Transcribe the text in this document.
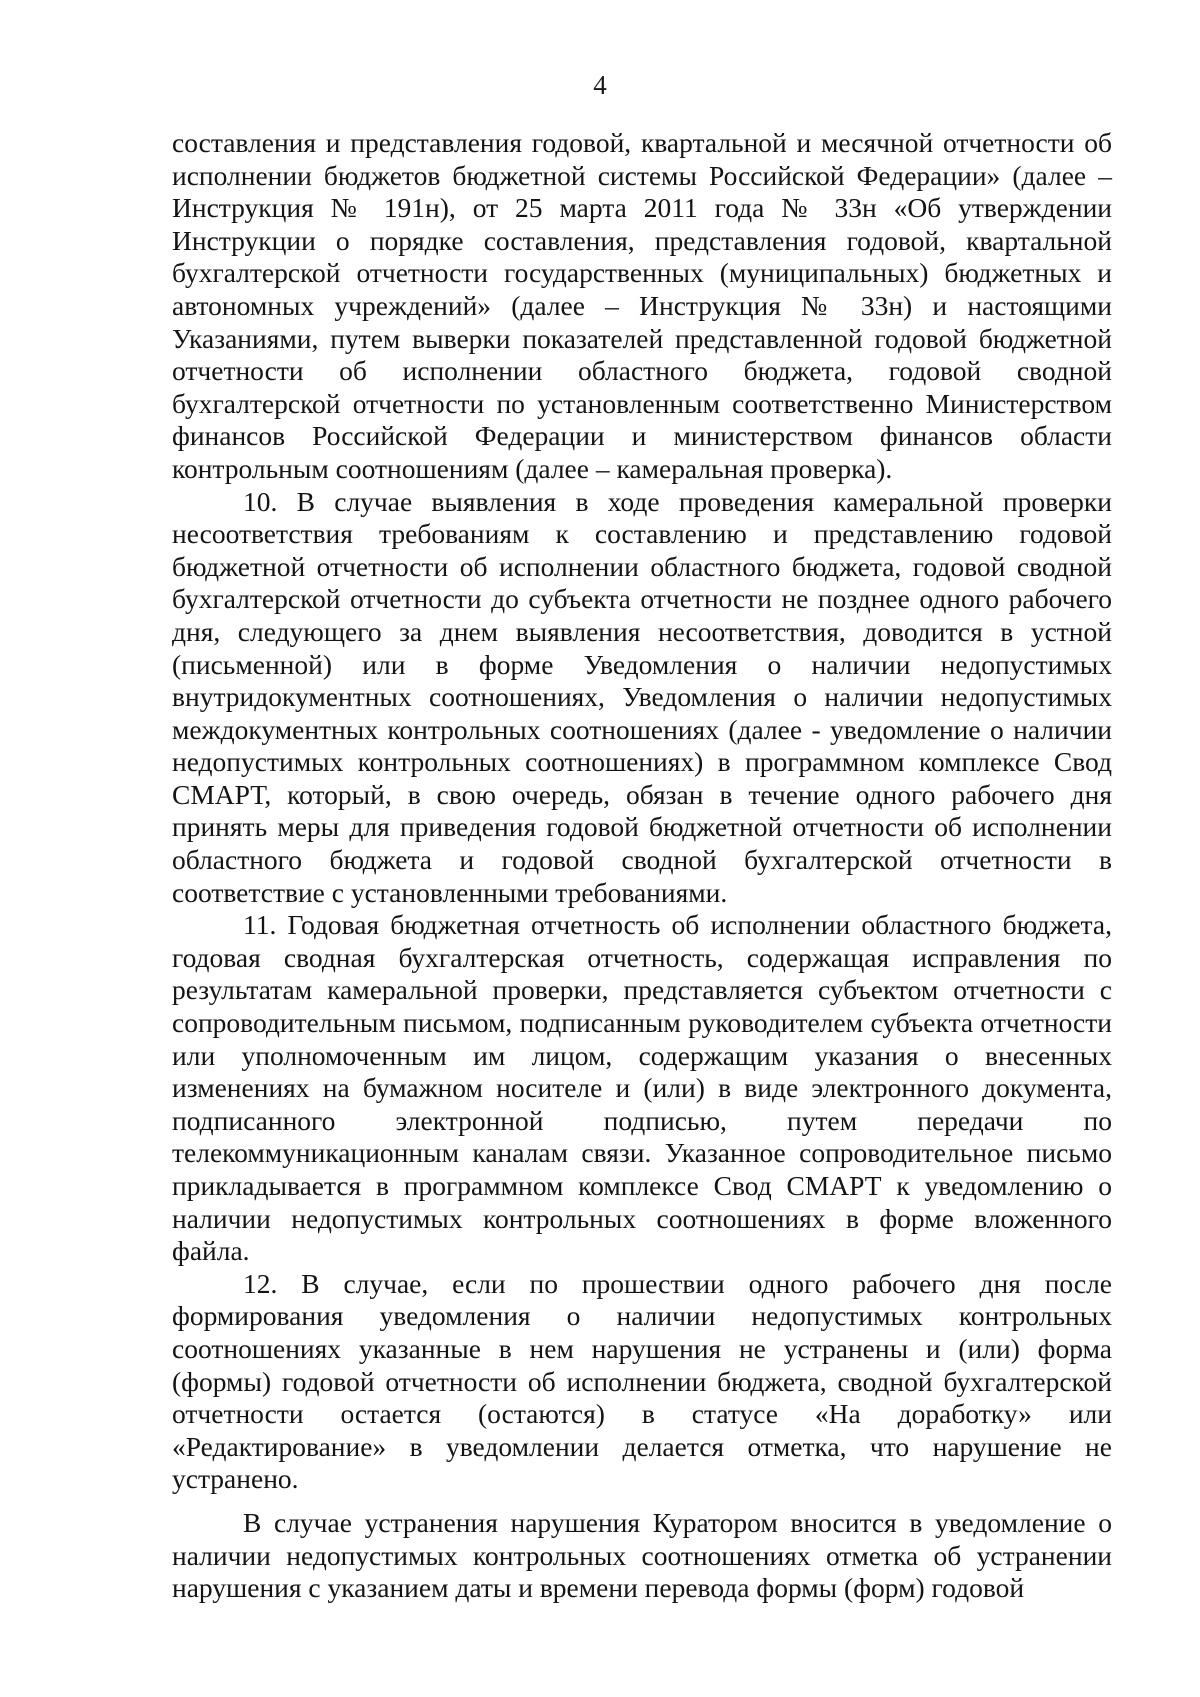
4

составления и представления годовой, квартальной и месячной отчетности об исполнении бюджетов бюджетной системы Российской Федерации» (далее – Инструкция № 191н), от 25 марта 2011 года № 33н «Об утверждении Инструкции о порядке составления, представления годовой, квартальной бухгалтерской отчетности государственных (муниципальных) бюджетных и автономных учреждений» (далее – Инструкция № 33н) и настоящими Указаниями, путем выверки показателей представленной годовой бюджетной отчетности об исполнении областного бюджета, годовой сводной бухгалтерской отчетности по установленным соответственно Министерством финансов Российской Федерации и министерством финансов области контрольным соотношениям (далее – камеральная проверка).

10. В случае выявления в ходе проведения камеральной проверки несоответствия требованиям к составлению и представлению годовой бюджетной отчетности об исполнении областного бюджета, годовой сводной бухгалтерской отчетности до субъекта отчетности не позднее одного рабочего дня, следующего за днем выявления несоответствия, доводится в устной (письменной) или в форме Уведомления о наличии недопустимых внутридокументных соотношениях, Уведомления о наличии недопустимых междокументных контрольных соотношениях (далее - уведомление о наличии недопустимых контрольных соотношениях) в программном комплексе Свод СМАРТ, который, в свою очередь, обязан в течение одного рабочего дня принять меры для приведения годовой бюджетной отчетности об исполнении областного бюджета и годовой сводной бухгалтерской отчетности в соответствие с установленными требованиями.

11. Годовая бюджетная отчетность об исполнении областного бюджета, годовая сводная бухгалтерская отчетность, содержащая исправления по результатам камеральной проверки, представляется субъектом отчетности с сопроводительным письмом, подписанным руководителем субъекта отчетности или уполномоченным им лицом, содержащим указания о внесенных изменениях на бумажном носителе и (или) в виде электронного документа, подписанного электронной подписью, путем передачи по телекоммуникационным каналам связи. Указанное сопроводительное письмо прикладывается в программном комплексе Свод СМАРТ к уведомлению о наличии недопустимых контрольных соотношениях в форме вложенного файла.

12. В случае, если по прошествии одного рабочего дня после формирования уведомления о наличии недопустимых контрольных соотношениях указанные в нем нарушения не устранены и (или) форма (формы) годовой отчетности об исполнении бюджета, сводной бухгалтерской отчетности остается (остаются) в статусе «На доработку» или «Редактирование» в уведомлении делается отметка, что нарушение не устранено.

В случае устранения нарушения Куратором вносится в уведомление о наличии недопустимых контрольных соотношениях отметка об устранении нарушения с указанием даты и времени перевода формы (форм) годовой
